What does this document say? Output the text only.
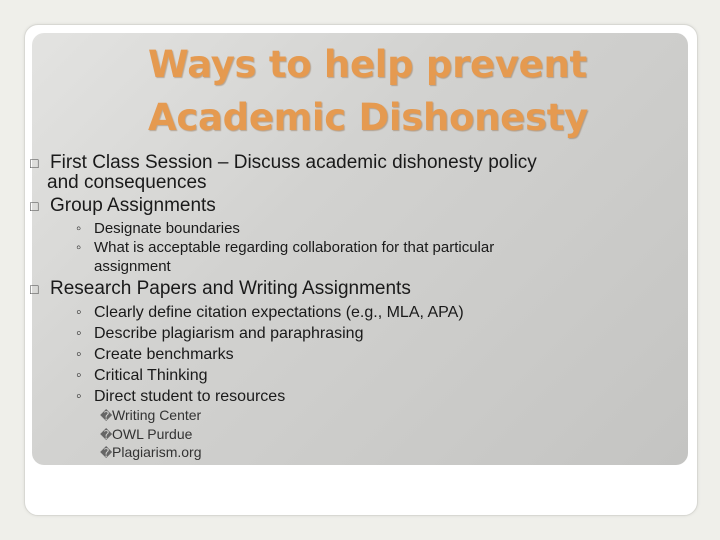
Ways to help prevent
Academic Dishonesty
□ First Class Session – Discuss academic dishonesty policy
and consequences
□ Group Assignments
◦ Designate boundaries
◦ What is acceptable regarding collaboration for that particular
assignment
□ Research Papers and Writing Assignments
◦ Clearly define citation expectations (e.g., MLA, APA)
◦ Describe plagiarism and paraphrasing
◦ Create benchmarks
◦ Critical Thinking
◦ Direct student to resources
�Writing Center
�OWL Purdue
�Plagiarism.org
